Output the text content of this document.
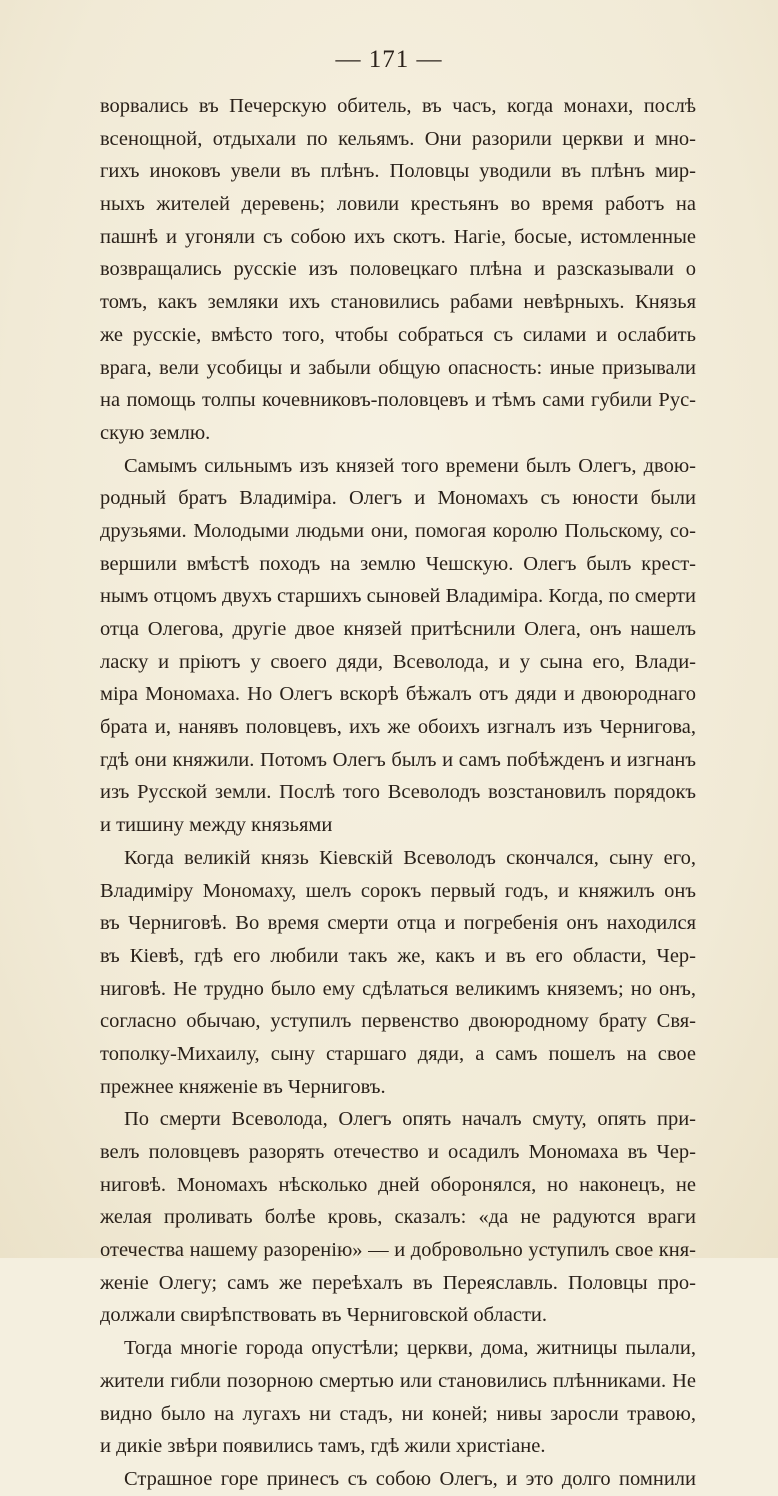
— 171 —
ворвались въ Печерскую обитель, въ часъ, когда монахи, послѣ
всенощной, отдыхали по кельямъ. Они разорили церкви и мно-
гихъ иноковъ увели въ плѣнъ. Половцы уводили въ плѣнъ мир-
ныхъ жителей деревень; ловили крестьянъ во время работъ на
пашнѣ и угоняли съ собою ихъ скотъ. Нагіе, босые, истомленные
возвращались русскіе изъ половецкаго плѣна и разсказывали о
томъ, какъ земляки ихъ становились рабами невѣрныхъ. Князья
же русскіе, вмѣсто того, чтобы собраться съ силами и ослабить
врага, вели усобицы и забыли общую опасность: иные призывали
на помощь толпы кочевниковъ-половцевъ и тѣмъ сами губили Рус-
скую землю.
Самымъ сильнымъ изъ князей того времени былъ Олегъ, двою-
родный братъ Владиміра. Олегъ и Мономахъ съ юности были
друзьями. Молодыми людьми они, помогая королю Польскому, со-
вершили вмѣстѣ походъ на землю Чешскую. Олегъ былъ крест-
нымъ отцомъ двухъ старшихъ сыновей Владиміра. Когда, по смерти
отца Олегова, другіе двое князей притѣснили Олега, онъ нашелъ
ласку и пріютъ у своего дяди, Всеволода, и у сына его, Влади-
міра Мономаха. Но Олегъ вскорѣ бѣжалъ отъ дяди и двоюроднаго
брата и, нанявъ половцевъ, ихъ же обоихъ изгналъ изъ Чернигова,
гдѣ они княжили. Потомъ Олегъ былъ и самъ побѣжденъ и изгнанъ
изъ Русской земли. Послѣ того Всеволодъ возстановилъ порядокъ
и тишину между князьями
Когда великій князь Кіевскій Всеволодъ скончался, сыну его,
Владиміру Мономаху, шелъ сорокъ первый годъ, и княжилъ онъ
въ Черниговѣ. Во время смерти отца и погребенія онъ находился
въ Кіевѣ, гдѣ его любили такъ же, какъ и въ его области, Чер-
ниговѣ. Не трудно было ему сдѣлаться великимъ княземъ; но онъ,
согласно обычаю, уступилъ первенство двоюродному брату Свя-
тополку-Михаилу, сыну старшаго дяди, а самъ пошелъ на свое
прежнее княженіе въ Черниговъ.
По смерти Всеволода, Олегъ опять началъ смуту, опять при-
велъ половцевъ разорять отечество и осадилъ Мономаха въ Чер-
ниговѣ. Мономахъ нѣсколько дней оборонялся, но наконецъ, не
желая проливать болѣе кровь, сказалъ: «да не радуются враги
отечества нашему разоренію» — и добровольно уступилъ свое кня-
женіе Олегу; самъ же переѣхалъ въ Переяславль. Половцы про-
должали свирѣпствовать въ Черниговской области.
Тогда многіе города опустѣли; церкви, дома, житницы пылали,
жители гибли позорною смертью или становились плѣнниками. Не
видно было на лугахъ ни стадъ, ни коней; нивы заросли травою,
и дикіе звѣри появились тамъ, гдѣ жили христіане.
Страшное горе принесъ съ собою Олегъ, и это долго помнили
